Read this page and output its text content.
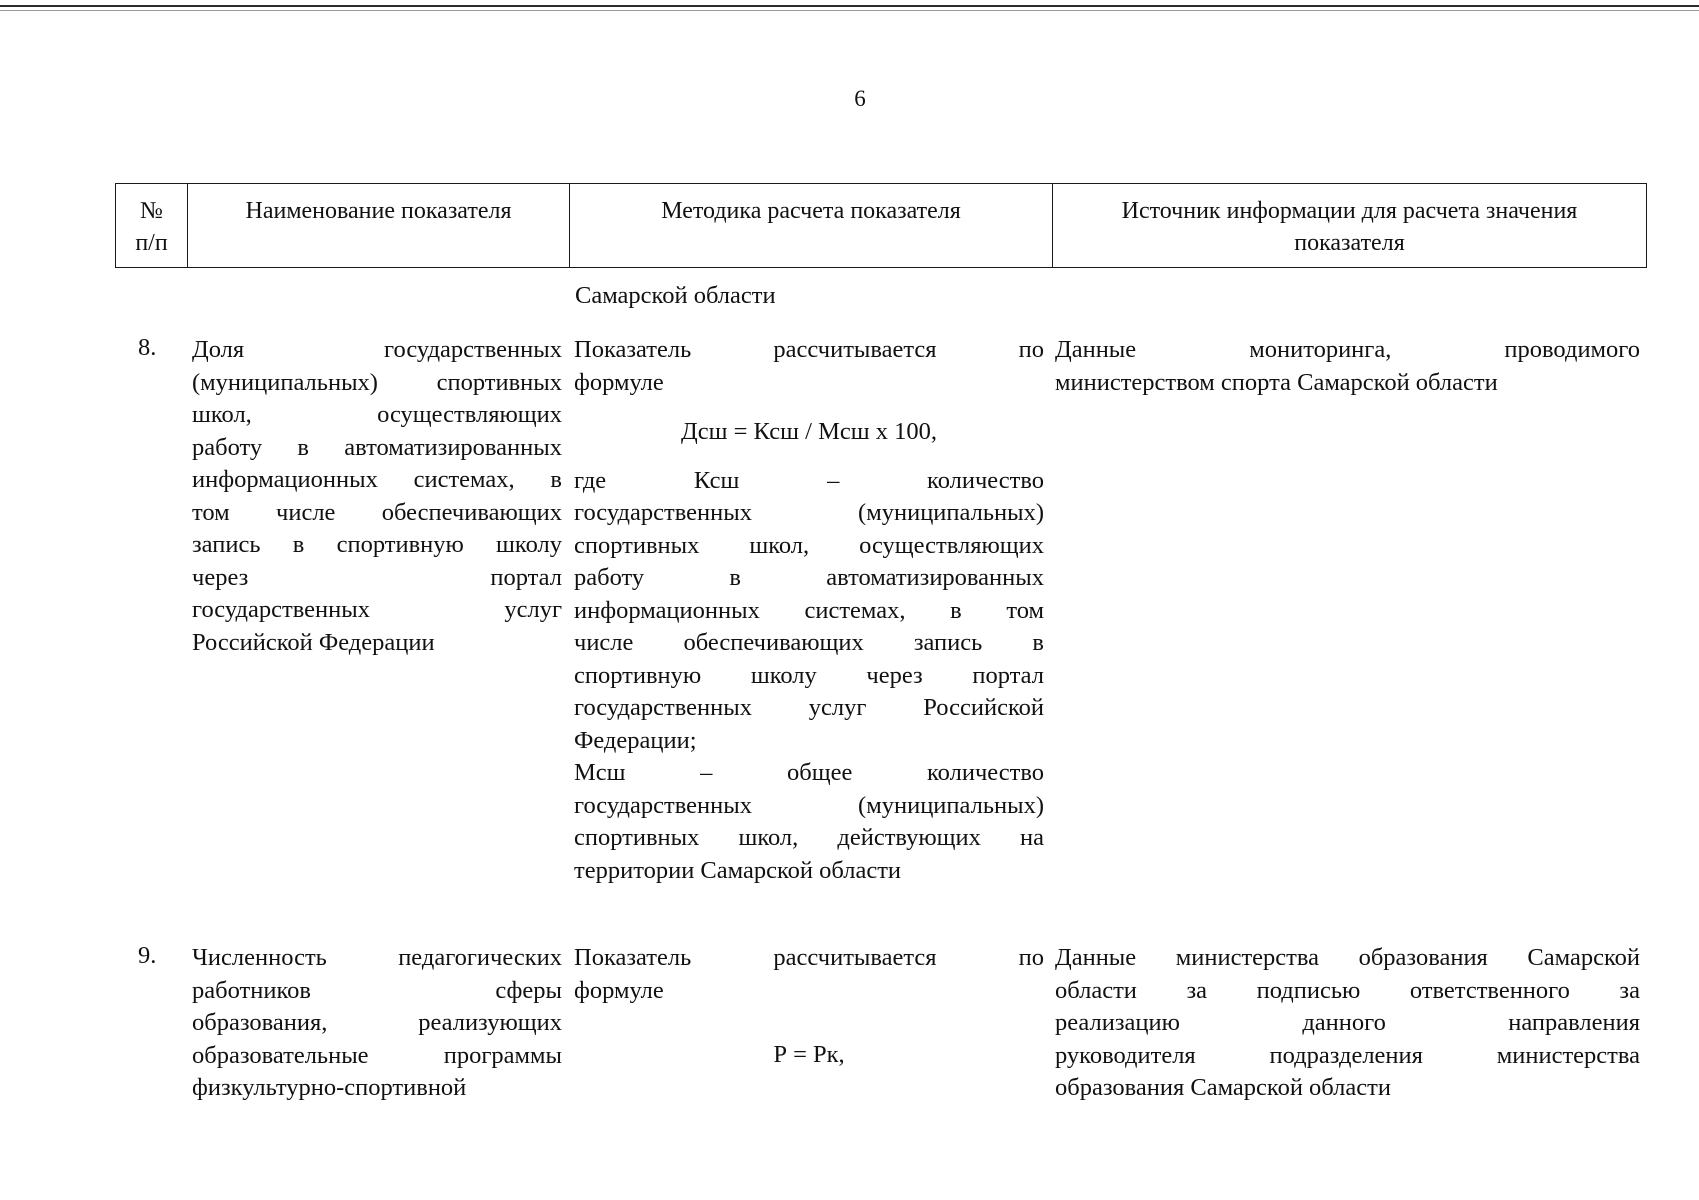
6
№
п/п
Наименование показателя	Методика расчета показателя	Источник информации для расчета значения
показателя

Самарской области

8. Доля государственных
(муниципальных) спортивных
школ, осуществляющих
работу в автоматизированных
информационных системах, в
том числе обеспечивающих
запись в спортивную школу
через портал
государственных услуг
Российской Федерации
Показатель рассчитывается по
формуле
Дсш = Ксш / Мсш х 100,
где Ксш – количество
государственных (муниципальных)
спортивных школ, осуществляющих
работу в автоматизированных
информационных системах, в том
числе обеспечивающих запись в
спортивную школу через портал
государственных услуг Российской
Федерации;
Мсш – общее количество
государственных (муниципальных)
спортивных школ, действующих на
территории Самарской области
Данные мониторинга, проводимого
министерством спорта Самарской области
9. Численность педагогических
работников сферы
образования, реализующих
образовательные программы
физкультурно-спортивной
Показатель рассчитывается по
формуле
Р = Рк,
Данные министерства образования Самарской
области за подписью ответственного за
реализацию данного направления
руководителя подразделения министерства
образования Самарской области
